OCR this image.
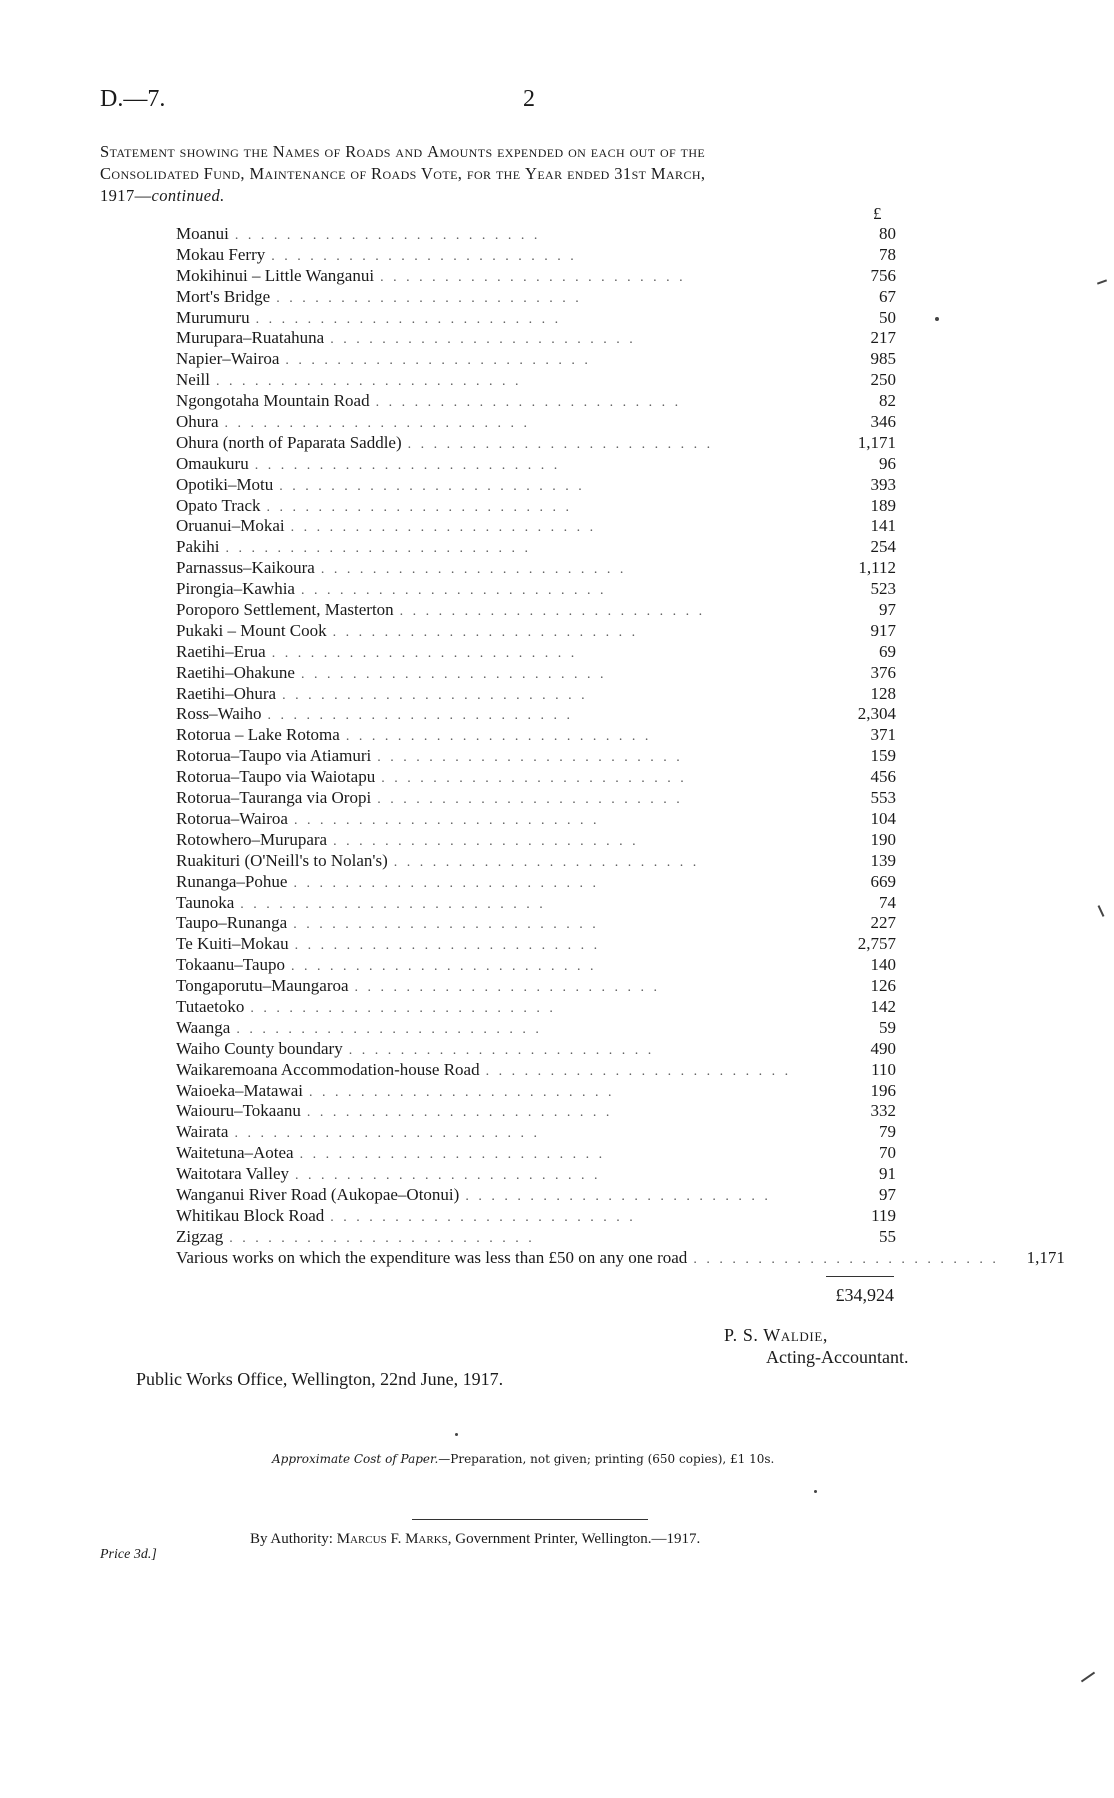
D.—7.	2
Statement showing the Names of Roads and Amounts expended on each out of the
Consolidated Fund, Maintenance of Roads Vote, for the Year ended 31st March,
1917—continued.
£
Moanui . . . . . . . . . . . . . . . . . . . . . . . .	80
Mokau Ferry . . . . . . . . . . . . . . . . . . . . . . . .	78
Mokihinui – Little Wanganui . . . . . . . . . . . . . . . . . . . . . . . .	756
Mort's Bridge . . . . . . . . . . . . . . . . . . . . . . . .	67
Murumuru . . . . . . . . . . . . . . . . . . . . . . . .	50
Murupara–Ruatahuna . . . . . . . . . . . . . . . . . . . . . . . .	217
Napier–Wairoa . . . . . . . . . . . . . . . . . . . . . . . .	985
Neill . . . . . . . . . . . . . . . . . . . . . . . .	250
Ngongotaha Mountain Road . . . . . . . . . . . . . . . . . . . . . . . .	82
Ohura . . . . . . . . . . . . . . . . . . . . . . . .	346
Ohura (north of Paparata Saddle) . . . . . . . . . . . . . . . . . . . . . . . .	1,171
Omaukuru . . . . . . . . . . . . . . . . . . . . . . . .	96
Opotiki–Motu . . . . . . . . . . . . . . . . . . . . . . . .	393
Opato Track . . . . . . . . . . . . . . . . . . . . . . . .	189
Oruanui–Mokai . . . . . . . . . . . . . . . . . . . . . . . .	141
Pakihi . . . . . . . . . . . . . . . . . . . . . . . .	254
Parnassus–Kaikoura . . . . . . . . . . . . . . . . . . . . . . . .	1,112
Pirongia–Kawhia . . . . . . . . . . . . . . . . . . . . . . . .	523
Poroporo Settlement, Masterton . . . . . . . . . . . . . . . . . . . . . . . .	97
Pukaki – Mount Cook . . . . . . . . . . . . . . . . . . . . . . . .	917
Raetihi–Erua . . . . . . . . . . . . . . . . . . . . . . . .	69
Raetihi–Ohakune . . . . . . . . . . . . . . . . . . . . . . . .	376
Raetihi–Ohura . . . . . . . . . . . . . . . . . . . . . . . .	128
Ross–Waiho . . . . . . . . . . . . . . . . . . . . . . . .	2,304
Rotorua – Lake Rotoma . . . . . . . . . . . . . . . . . . . . . . . .	371
Rotorua–Taupo via Atiamuri . . . . . . . . . . . . . . . . . . . . . . . .	159
Rotorua–Taupo via Waiotapu . . . . . . . . . . . . . . . . . . . . . . . .	456
Rotorua–Tauranga via Oropi . . . . . . . . . . . . . . . . . . . . . . . .	553
Rotorua–Wairoa . . . . . . . . . . . . . . . . . . . . . . . .	104
Rotowhero–Murupara . . . . . . . . . . . . . . . . . . . . . . . .	190
Ruakituri (O'Neill's to Nolan's) . . . . . . . . . . . . . . . . . . . . . . . .	139
Runanga–Pohue . . . . . . . . . . . . . . . . . . . . . . . .	669
Taunoka . . . . . . . . . . . . . . . . . . . . . . . .	74
Taupo–Runanga . . . . . . . . . . . . . . . . . . . . . . . .	227
Te Kuiti–Mokau . . . . . . . . . . . . . . . . . . . . . . . .	2,757
Tokaanu–Taupo . . . . . . . . . . . . . . . . . . . . . . . .	140
Tongaporutu–Maungaroa . . . . . . . . . . . . . . . . . . . . . . . .	126
Tutaetoko . . . . . . . . . . . . . . . . . . . . . . . .	142
Waanga . . . . . . . . . . . . . . . . . . . . . . . .	59
Waiho County boundary . . . . . . . . . . . . . . . . . . . . . . . .	490
Waikaremoana Accommodation-house Road . . . . . . . . . . . . . . . . . . . . . . . .	110
Waioeka–Matawai . . . . . . . . . . . . . . . . . . . . . . . .	196
Waiouru–Tokaanu . . . . . . . . . . . . . . . . . . . . . . . .	332
Wairata . . . . . . . . . . . . . . . . . . . . . . . .	79
Waitetuna–Aotea . . . . . . . . . . . . . . . . . . . . . . . .	70
Waitotara Valley . . . . . . . . . . . . . . . . . . . . . . . .	91
Wanganui River Road (Aukopae–Otonui) . . . . . . . . . . . . . . . . . . . . . . . .	97
Whitikau Block Road . . . . . . . . . . . . . . . . . . . . . . . .	119
Zigzag . . . . . . . . . . . . . . . . . . . . . . . .	55
Various works on which the expenditure was less than £50 on any one road . . . . . . . . . . . . . . . . . . . . . . . .	1,171
£34,924
P. S. Waldie,
Acting-Accountant.
Public Works Office, Wellington, 22nd June, 1917.
Approximate Cost of Paper.—Preparation, not given; printing (650 copies), £1 10s.
By Authority: Marcus F. Marks, Government Printer, Wellington.—1917.
Price 3d.]
